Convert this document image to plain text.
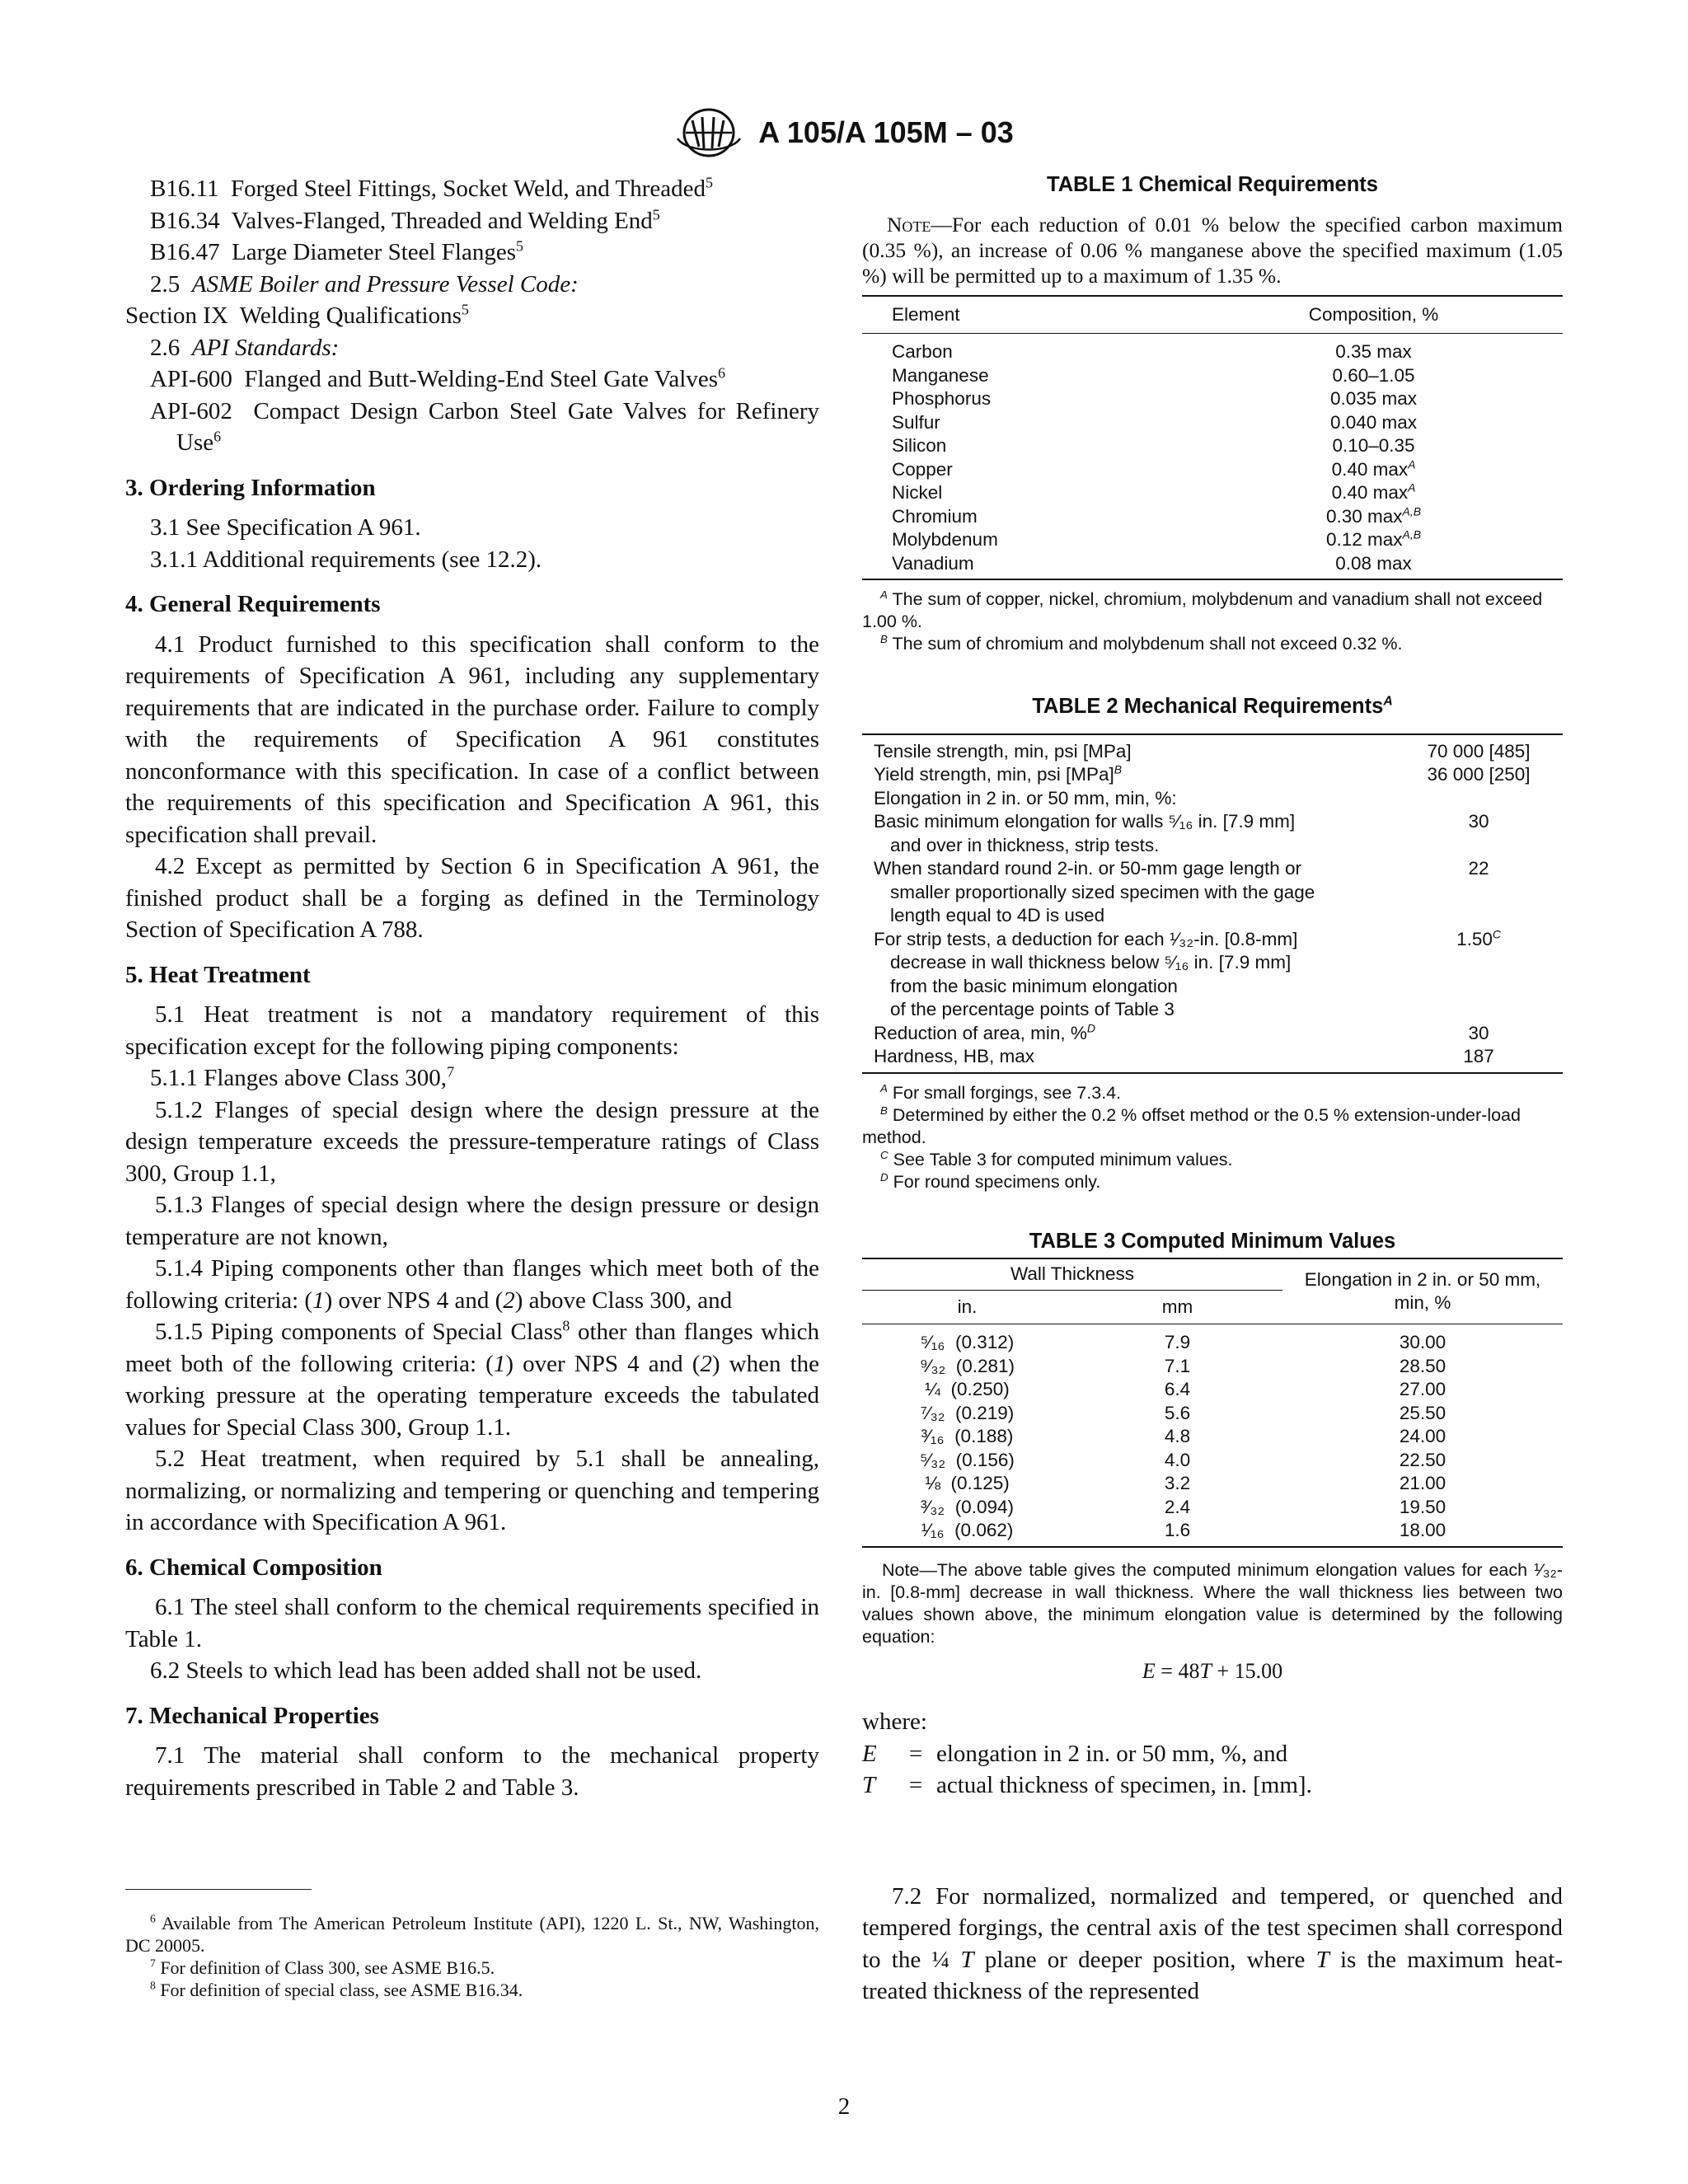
A 105/A 105M – 03
B16.11 Forged Steel Fittings, Socket Weld, and Threaded$^5$
B16.34 Valves-Flanged, Threaded and Welding End$^5$
B16.47 Large Diameter Steel Flanges$^5$
2.5 ASME Boiler and Pressure Vessel Code:
Section IX Welding Qualifications$^5$
2.6 API Standards:
API-600 Flanged and Butt-Welding-End Steel Gate Valves$^6$
API-602 Compact Design Carbon Steel Gate Valves for Refinery Use$^6$
3. Ordering Information

3.1 See Specification A 961.

3.1.1 Additional requirements (see 12.2).

4. General Requirements

4.1 Product furnished to this specification shall conform to the requirements of Specification A 961, including any supplementary requirements that are indicated in the purchase order. Failure to comply with the requirements of Specification A 961 constitutes nonconformance with this specification. In case of a conflict between the requirements of this specification and Specification A 961, this specification shall prevail.

4.2 Except as permitted by Section 6 in Specification A 961, the finished product shall be a forging as defined in the Terminology Section of Specification A 788.

5. Heat Treatment

5.1 Heat treatment is not a mandatory requirement of this specification except for the following piping components:

5.1.1 Flanges above Class 300,$^7$

5.1.2 Flanges of special design where the design pressure at the design temperature exceeds the pressure-temperature ratings of Class 300, Group 1.1,

5.1.3 Flanges of special design where the design pressure or design temperature are not known,

5.1.4 Piping components other than flanges which meet both of the following criteria: (1) over NPS 4 and (2) above Class 300, and

5.1.5 Piping components of Special Class$^8$ other than flanges which meet both of the following criteria: (1) over NPS 4 and (2) when the working pressure at the operating temperature exceeds the tabulated values for Special Class 300, Group 1.1.

5.2 Heat treatment, when required by 5.1 shall be annealing, normalizing, or normalizing and tempering or quenching and tempering in accordance with Specification A 961.

6. Chemical Composition

6.1 The steel shall conform to the chemical requirements specified in Table 1.

6.2 Steels to which lead has been added shall not be used.

7. Mechanical Properties

7.1 The material shall conform to the mechanical property requirements prescribed in Table 2 and Table 3.

$^6$ Available from The American Petroleum Institute (API), 1220 L. St., NW, Washington, DC 20005.

$^7$ For definition of Class 300, see ASME B16.5.

$^8$ For definition of special class, see ASME B16.34.

TABLE 1 Chemical Requirements

Note—For each reduction of 0.01 % below the specified carbon maximum (0.35 %), an increase of 0.06 % manganese above the specified maximum (1.05 %) will be permitted up to a maximum of 1.35 %.

Element	Composition, %
Carbon	0.35 max
Manganese	0.60–1.05
Phosphorus	0.035 max
Sulfur	0.040 max
Silicon	0.10–0.35
Copper	0.40 $\max^A$
Nickel	0.40 $\max^A$
Chromium	0.30 $\max^{A,B}$
Molybdenum	0.12 $\max^{A,B}$
Vanadium	0.08 max

$^A$ The sum of copper, nickel, chromium, molybdenum and vanadium shall not exceed 1.00 %.

$^B$ The sum of chromium and molybdenum shall not exceed 0.32 %.

TABLE 2 Mechanical Requirements$^A$
Tensile strength, min, psi [MPa]	70 000 [485]
Yield strength, min, psi [MPa]$^B$	36 000 [250]
Elongation in 2 in. or 50 mm, min, %:	

Basic minimum elongation for walls ⁵⁄₁₆ in. [7.9 mm]
and over in thickness, strip tests.	30

When standard round 2-in. or 50-mm gage length or
smaller proportionally sized specimen with the gage
length equal to 4D is used	22

For strip tests, a deduction for each ¹⁄₃₂-in. [0.8-mm]
decrease in wall thickness below ⁵⁄₁₆ in. [7.9 mm]
from the basic minimum elongation
of the percentage points of Table 3	$1.50^C$
Reduction of area, min, %$^D$	30
Hardness, HB, max	187

$^A$ For small forgings, see 7.3.4.

$^B$ Determined by either the 0.2 % offset method or the 0.5 % extension-under-load method.

$^C$ See Table 3 for computed minimum values.

$^D$ For round specimens only.

TABLE 3 Computed Minimum Values
Wall Thickness		Elongation in 2 in. or 50 mm, min, %
in.	mm	
⁵⁄₁₆ (0.312)	7.9	30.00
⁹⁄₃₂ (0.281)	7.1	28.50
¼ (0.250)	6.4	27.00
⁷⁄₃₂ (0.219)	5.6	25.50
³⁄₁₆ (0.188)	4.8	24.00
⁵⁄₃₂ (0.156)	4.0	22.50
⅛ (0.125)	3.2	21.00
³⁄₃₂ (0.094)	2.4	19.50
¹⁄₁₆ (0.062)	1.6	18.00

Note—The above table gives the computed minimum elongation values for each ¹⁄₃₂-in. [0.8-mm] decrease in wall thickness. Where the wall thickness lies between two values shown above, the minimum elongation value is determined by the following equation:

E = 48T + 15.00
where:
E	= elongation in 2 in. or 50 mm, %, and
T	= actual thickness of specimen, in. [mm].

7.2 For normalized, normalized and tempered, or quenched and tempered forgings, the central axis of the test specimen shall correspond to the ¼ T plane or deeper position, where T is the maximum heat-treated thickness of the represented

2
